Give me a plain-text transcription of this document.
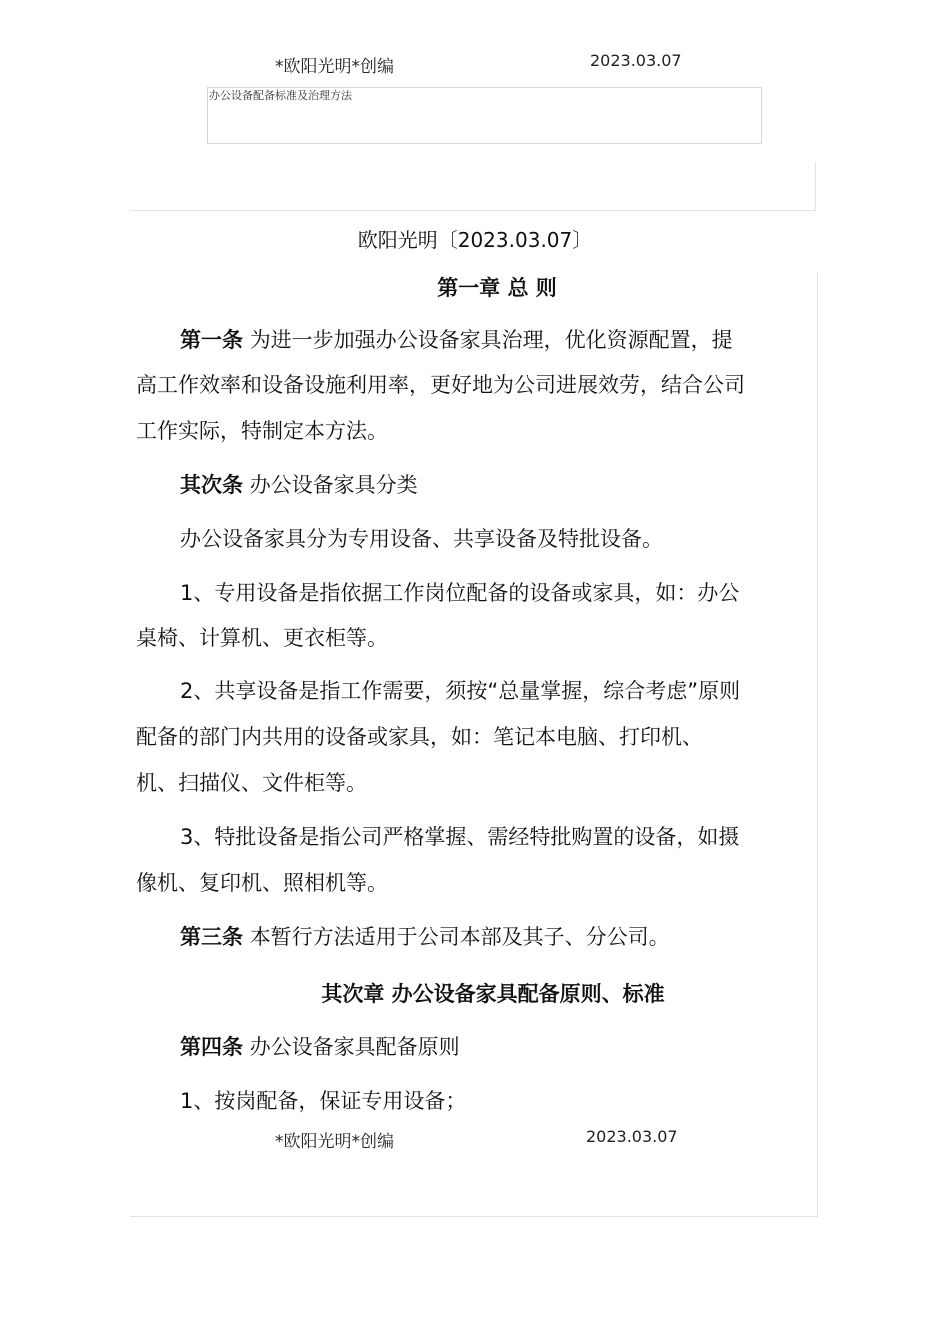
*欧阳光明*创编	2023.03.07
办公设备配备标准及治理方法
欧阳光明〔2023.03.07〕
第一章 总 则
第一条 为进一步加强办公设备家具治理，优化资源配置，提
高工作效率和设备设施利用率，更好地为公司进展效劳，结合公司
工作实际，特制定本方法。
其次条 办公设备家具分类
办公设备家具分为专用设备、共享设备及特批设备。
1、专用设备是指依据工作岗位配备的设备或家具，如：办公
桌椅、计算机、更衣柜等。
2、共享设备是指工作需要，须按“总量掌握，综合考虑”原则
配备的部门内共用的设备或家具，如：笔记本电脑、打印机、
机、扫描仪、文件柜等。
3、特批设备是指公司严格掌握、需经特批购置的设备，如摄
像机、复印机、照相机等。
第三条 本暂行方法适用于公司本部及其子、分公司。
其次章 办公设备家具配备原则、标准
第四条 办公设备家具配备原则
1、按岗配备，保证专用设备；
*欧阳光明*创编	2023.03.07
